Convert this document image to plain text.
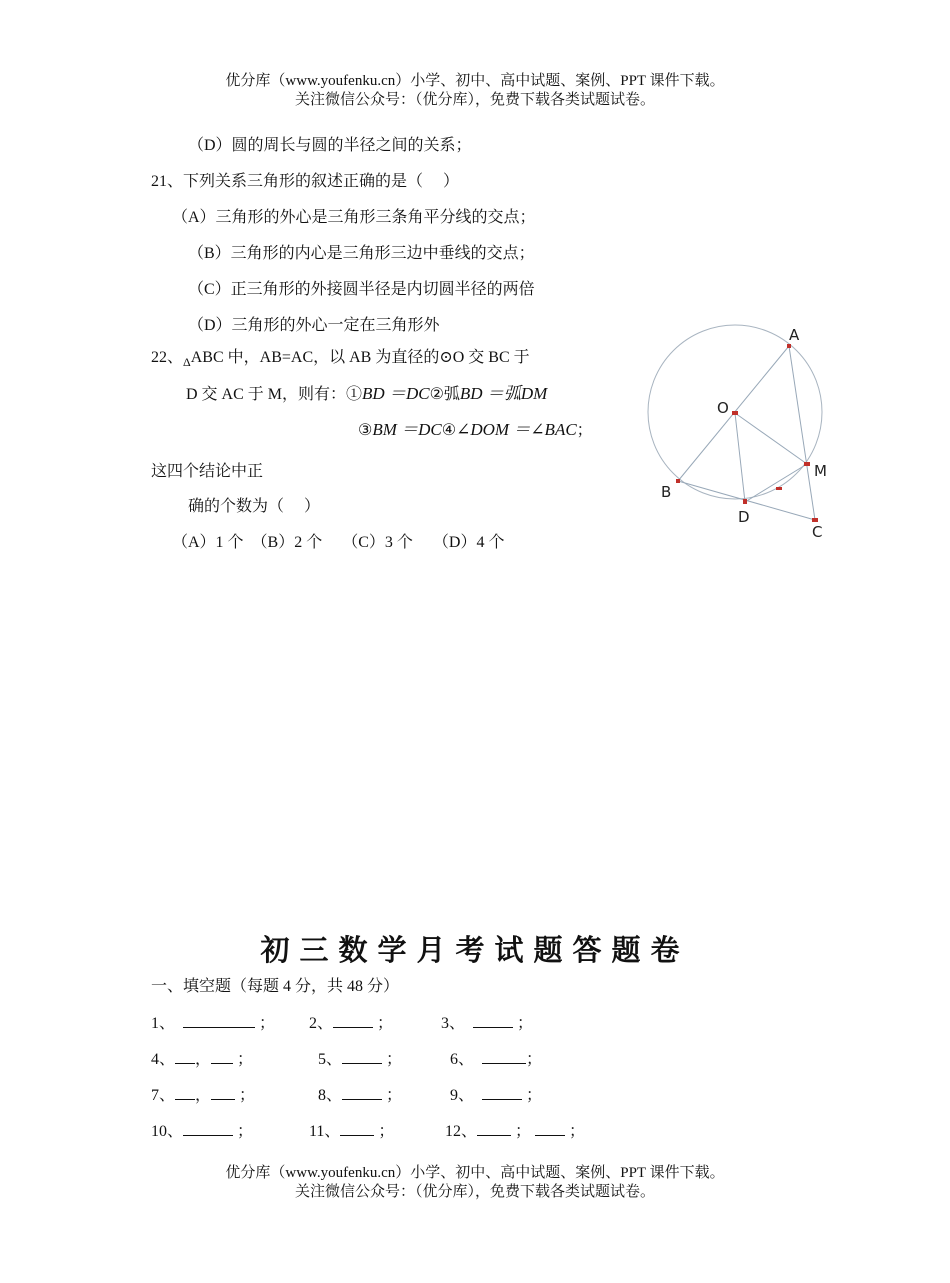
优分库（www.youfenku.cn）小学、初中、高中试题、案例、PPT 课件下载。
关注微信公众号：（优分库），免费下载各类试题试卷。
（D）圆的周长与圆的半径之间的关系；
21、下列关系三角形的叙述正确的是（　 ）
（A）三角形的外心是三角形三条角平分线的交点；
（B）三角形的内心是三角形三边中垂线的交点；
（C）正三角形的外接圆半径是内切圆半径的两倍
（D）三角形的外心一定在三角形外
22、$_\Delta$ABC 中，AB=AC，以 AB 为直径的⊙O 交 BC 于
D 交 AC 于 M，则有：①BD ＝DC②弧BD ＝弧DM
③BM ＝DC④∠DOM ＝∠BAC；
这四个结论中正
确的个数为（　 ）
（A）1 个　（B）2 个　 （C）3 个　 （D）4 个
A
O
M
B
D
C
初三数学月考试题答题卷
一、填空题（每题 4 分，共 48 分）
1、	； 2、	；	3、	；
4、 ， ；	5、	；	6、	；
7、 ， ；	8、	；	9、	；
10、	；	11、 ；	12、 ； ；
优分库（www.youfenku.cn）小学、初中、高中试题、案例、PPT 课件下载。
关注微信公众号：（优分库），免费下载各类试题试卷。
